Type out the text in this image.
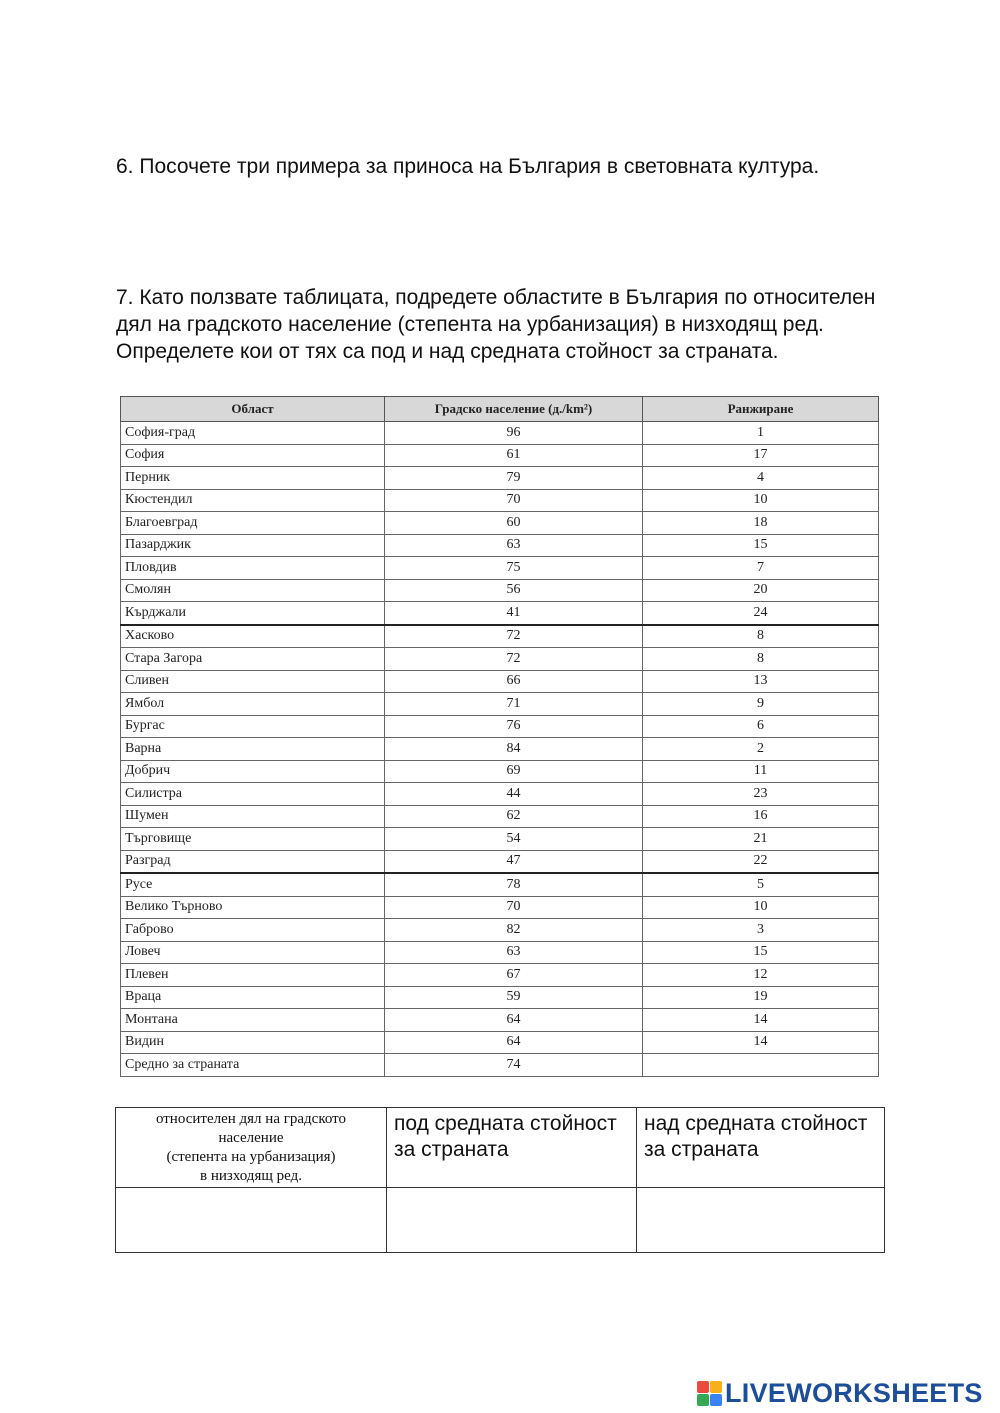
6. Посочете три примера за приноса на България в световната култура.

7. Като ползвате таблицата, подредете областите в България по относителен дял на градското население (степента на урбанизация) в низходящ ред. Определете кои от тях са под и над средната стойност за страната.

Област	Градско население (д./km²)	Ранжиране
София-град	96	1
София	61	17
Перник	79	4
Кюстендил	70	10
Благоевград	60	18
Пазарджик	63	15
Пловдив	75	7
Смолян	56	20
Кърджали	41	24
Хасково	72	8
Стара Загора	72	8
Сливен	66	13
Ямбол	71	9
Бургас	76	6
Варна	84	2
Добрич	69	11
Силистра	44	23
Шумен	62	16
Търговище	54	21
Разград	47	22
Русе	78	5
Велико Търново	70	10
Габрово	82	3
Ловеч	63	15
Плевен	67	12
Враца	59	19
Монтана	64	14
Видин	64	14
Средно за страната	74	
относителен дял на градското
население
(степента на урбанизация)
в низходящ ред.	под средната стойност за страната	над средната стойност за страната

LIVEWORKSHEETS
